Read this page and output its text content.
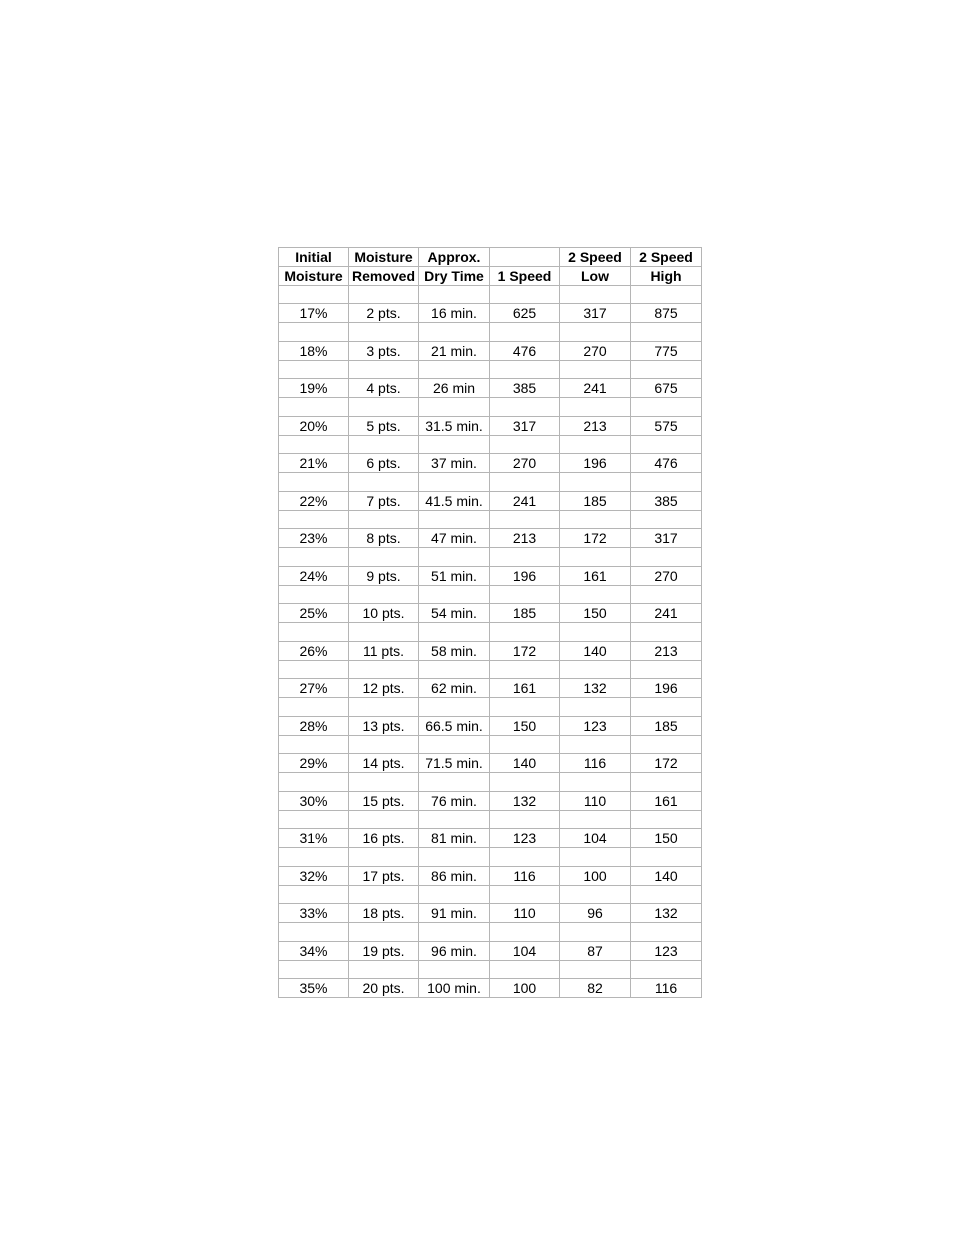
Initial	Moisture	Approx.		2 Speed	2 Speed
Moisture	Removed	Dry Time	1 Speed	Low	High

17%	2 pts.	16 min.	625	317	875

18%	3 pts.	21 min.	476	270	775

19%	4 pts.	26 min	385	241	675

20%	5 pts.	31.5 min.	317	213	575

21%	6 pts.	37 min.	270	196	476

22%	7 pts.	41.5 min.	241	185	385

23%	8 pts.	47 min.	213	172	317

24%	9 pts.	51 min.	196	161	270

25%	10 pts.	54 min.	185	150	241

26%	11 pts.	58 min.	172	140	213

27%	12 pts.	62 min.	161	132	196

28%	13 pts.	66.5 min.	150	123	185

29%	14 pts.	71.5 min.	140	116	172

30%	15 pts.	76 min.	132	110	161

31%	16 pts.	81 min.	123	104	150

32%	17 pts.	86 min.	116	100	140

33%	18 pts.	91 min.	110	96	132

34%	19 pts.	96 min.	104	87	123

35%	20 pts.	100 min.	100	82	116
